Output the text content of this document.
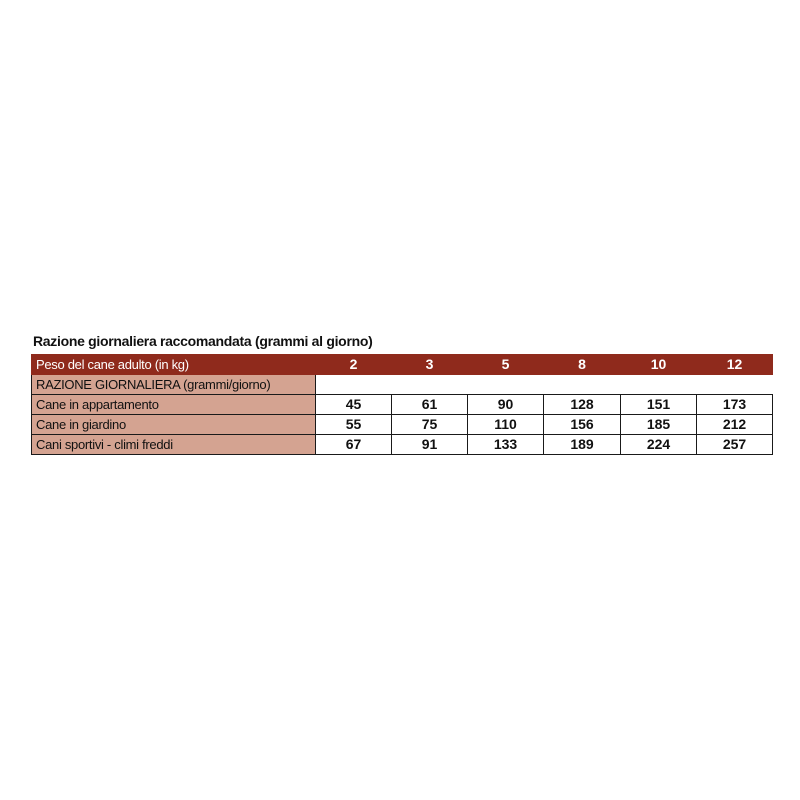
Razione giornaliera raccomandata (grammi al giorno)
Peso del cane adulto (in kg)	2	3	5	8	10	12
RAZIONE GIORNALIERA (grammi/giorno)						
Cane in appartamento	45	61	90	128	151	173
Cane in giardino	55	75	110	156	185	212
Cani sportivi - climi freddi	67	91	133	189	224	257
